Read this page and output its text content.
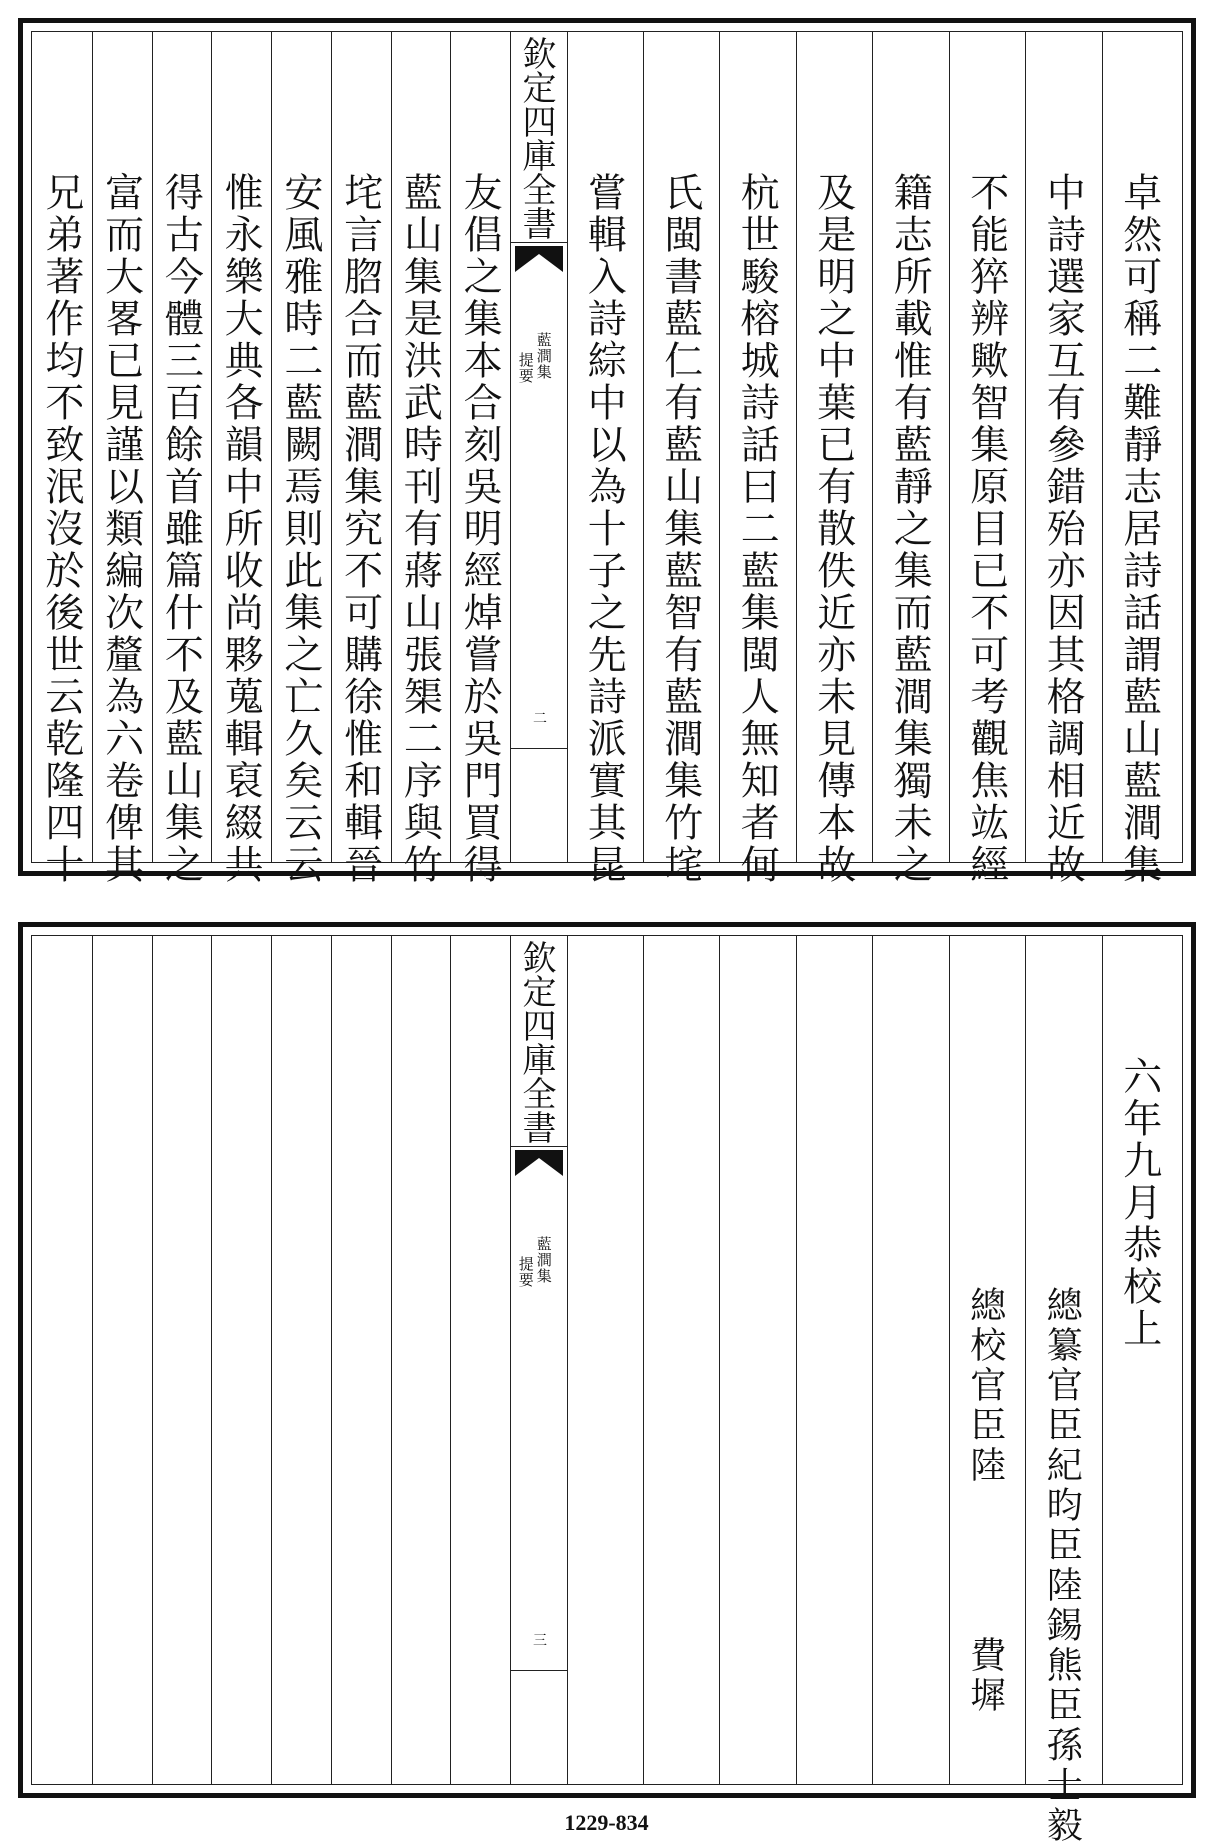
欽定四庫全書
藍澗集
提要
二	卓然可稱二難靜志居詩話謂藍山藍澗集
中詩選家互有參錯殆亦因其格調相近故
不能猝辨歟智集原目已不可考觀焦竑經
籍志所載惟有藍靜之集而藍澗集獨未之
及是明之中葉已有散佚近亦未見傳本故
杭世駿榕城詩話曰二藍集閩人無知者何
氏閩書藍仁有藍山集藍智有藍澗集竹垞
嘗輯入詩綜中以為十子之先詩派實其昆
友倡之集本合刻吳明經焯嘗於吳門買得
藍山集是洪武時刊有蔣山張榘二序與竹
垞言脗合而藍澗集究不可購徐惟和輯晉
安風雅時二藍闕焉則此集之亡久矣云云
惟永樂大典各韻中所收尚夥蒐輯裒綴共
得古今體三百餘首雖篇什不及藍山集之
富而大畧已見謹以類編次釐為六卷俾其
兄弟著作均不致泯沒於後世云乾隆四十
欽定四庫全書
藍澗集
提要
三
六年九月恭校上
總纂官臣紀昀臣陸錫熊臣孫士毅
總校官臣陸
費墀
1229-834
